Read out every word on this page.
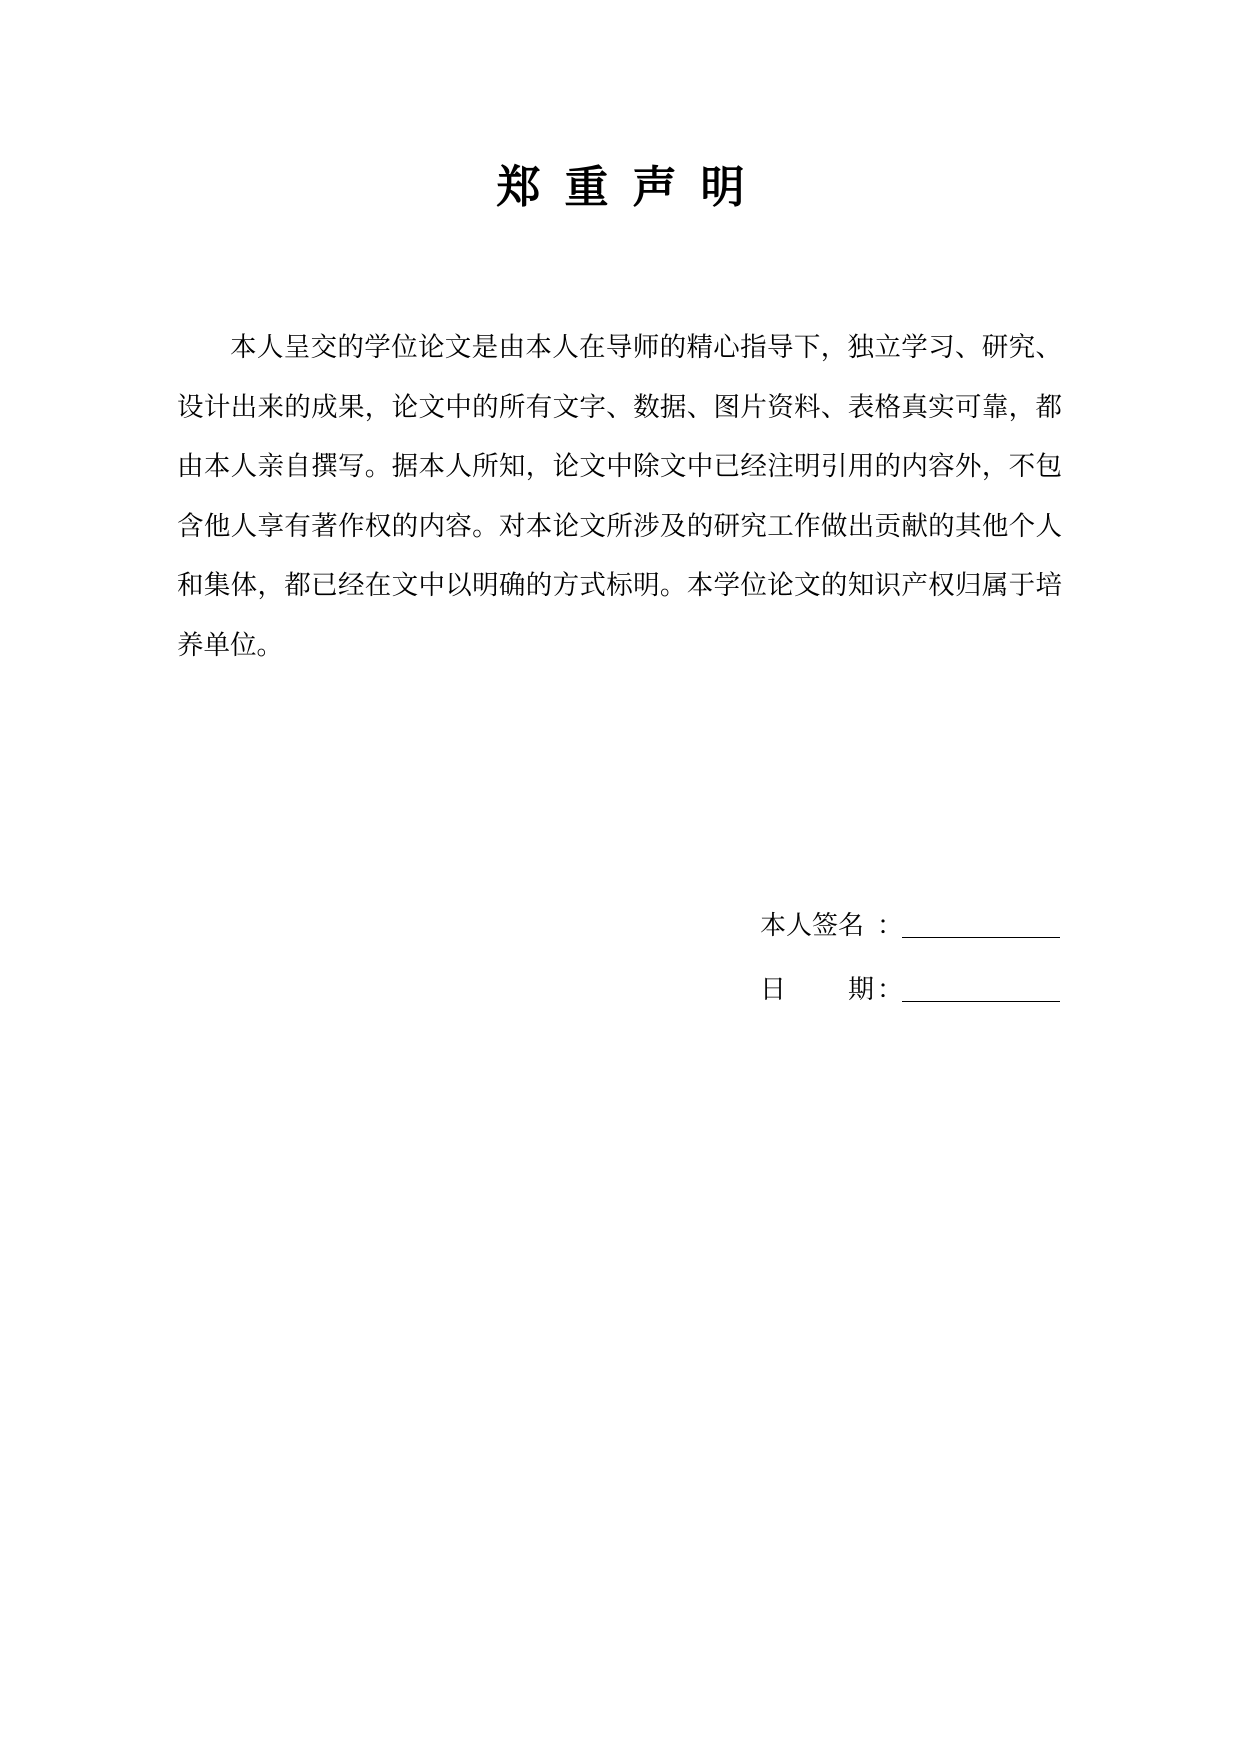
郑重声明

本人呈交的学位论文是由本人在导师的精心指导下，独立学习、研究、设计出来的成果，论文中的所有文字、数据、图片资料、表格真实可靠，都由本人亲自撰写。据本人所知，论文中除文中已经注明引用的内容外，不包含他人享有著作权的内容。对本论文所涉及的研究工作做出贡献的其他个人和集体，都已经在文中以明确的方式标明。本学位论文的知识产权归属于培养单位。

本人签名 ：
日 期 ：
